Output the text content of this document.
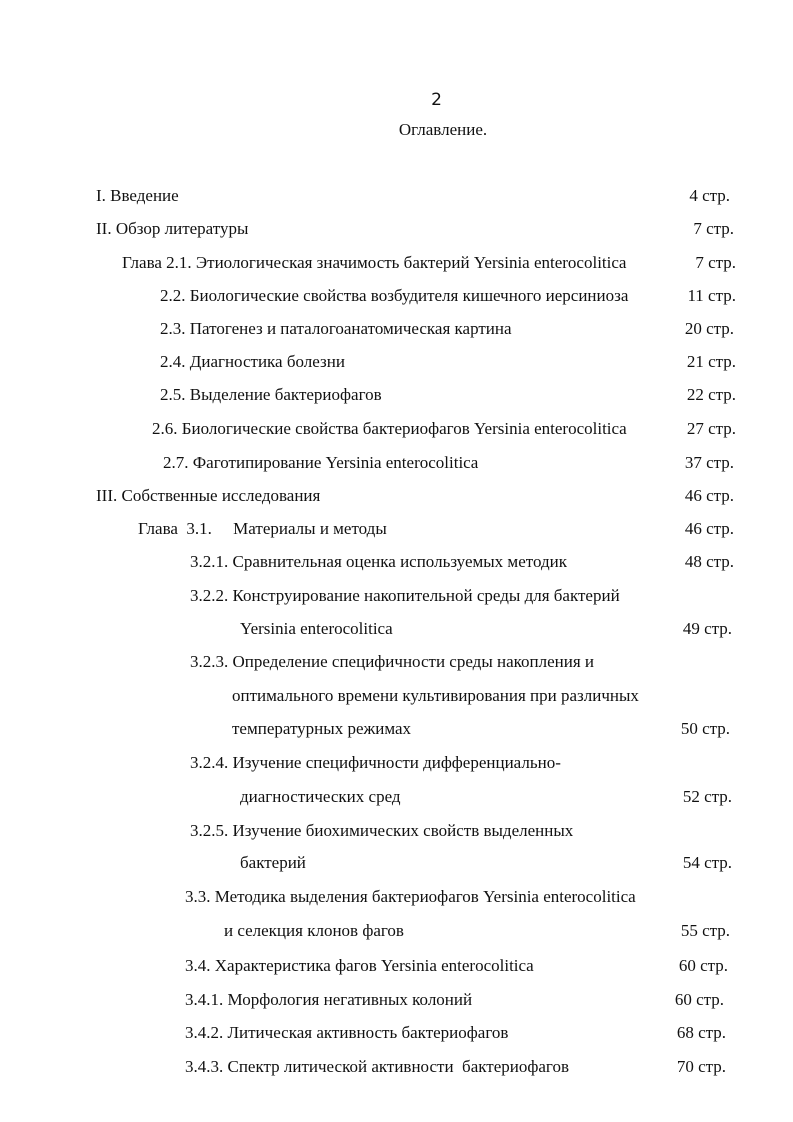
2
Оглавление.
I. Введение	4 стр.
II. Обзор литературы	7 стр.
Глава 2.1. Этиологическая значимость бактерий Yersinia enterocolitica	7 стр.
2.2. Биологические свойства возбудителя кишечного иерсиниоза	11 стр.
2.3. Патогенез и паталогоанатомическая картина	20 стр.
2.4. Диагностика болезни	21 стр.
2.5. Выделение бактериофагов	22 стр.
2.6. Биологические свойства бактериофагов Yersinia enterocolitica	27 стр.
2.7. Фаготипирование Yersinia enterocolitica	37 стр.
III. Собственные исследования	46 стр.
Глава  3.1.     Материалы и методы	46 стр.
3.2.1. Сравнительная оценка используемых методик	48 стр.
3.2.2. Конструирование накопительной среды для бактерий
Yersinia enterocolitica	49 стр.
3.2.3. Определение специфичности среды накопления и
оптимального времени культивирования при различных
температурных режимах	50 стр.
3.2.4. Изучение специфичности дифференциально-
диагностических сред	52 стр.
3.2.5. Изучение биохимических свойств выделенных
бактерий	54 стр.
3.3. Методика выделения бактериофагов Yersinia enterocolitica
и селекция клонов фагов	55 стр.
3.4. Характеристика фагов Yersinia enterocolitica	60 стр.
3.4.1. Морфология негативных колоний	60 стр.
3.4.2. Литическая активность бактериофагов	68 стр.
3.4.3. Спектр литической активности  бактериофагов	70 стр.
